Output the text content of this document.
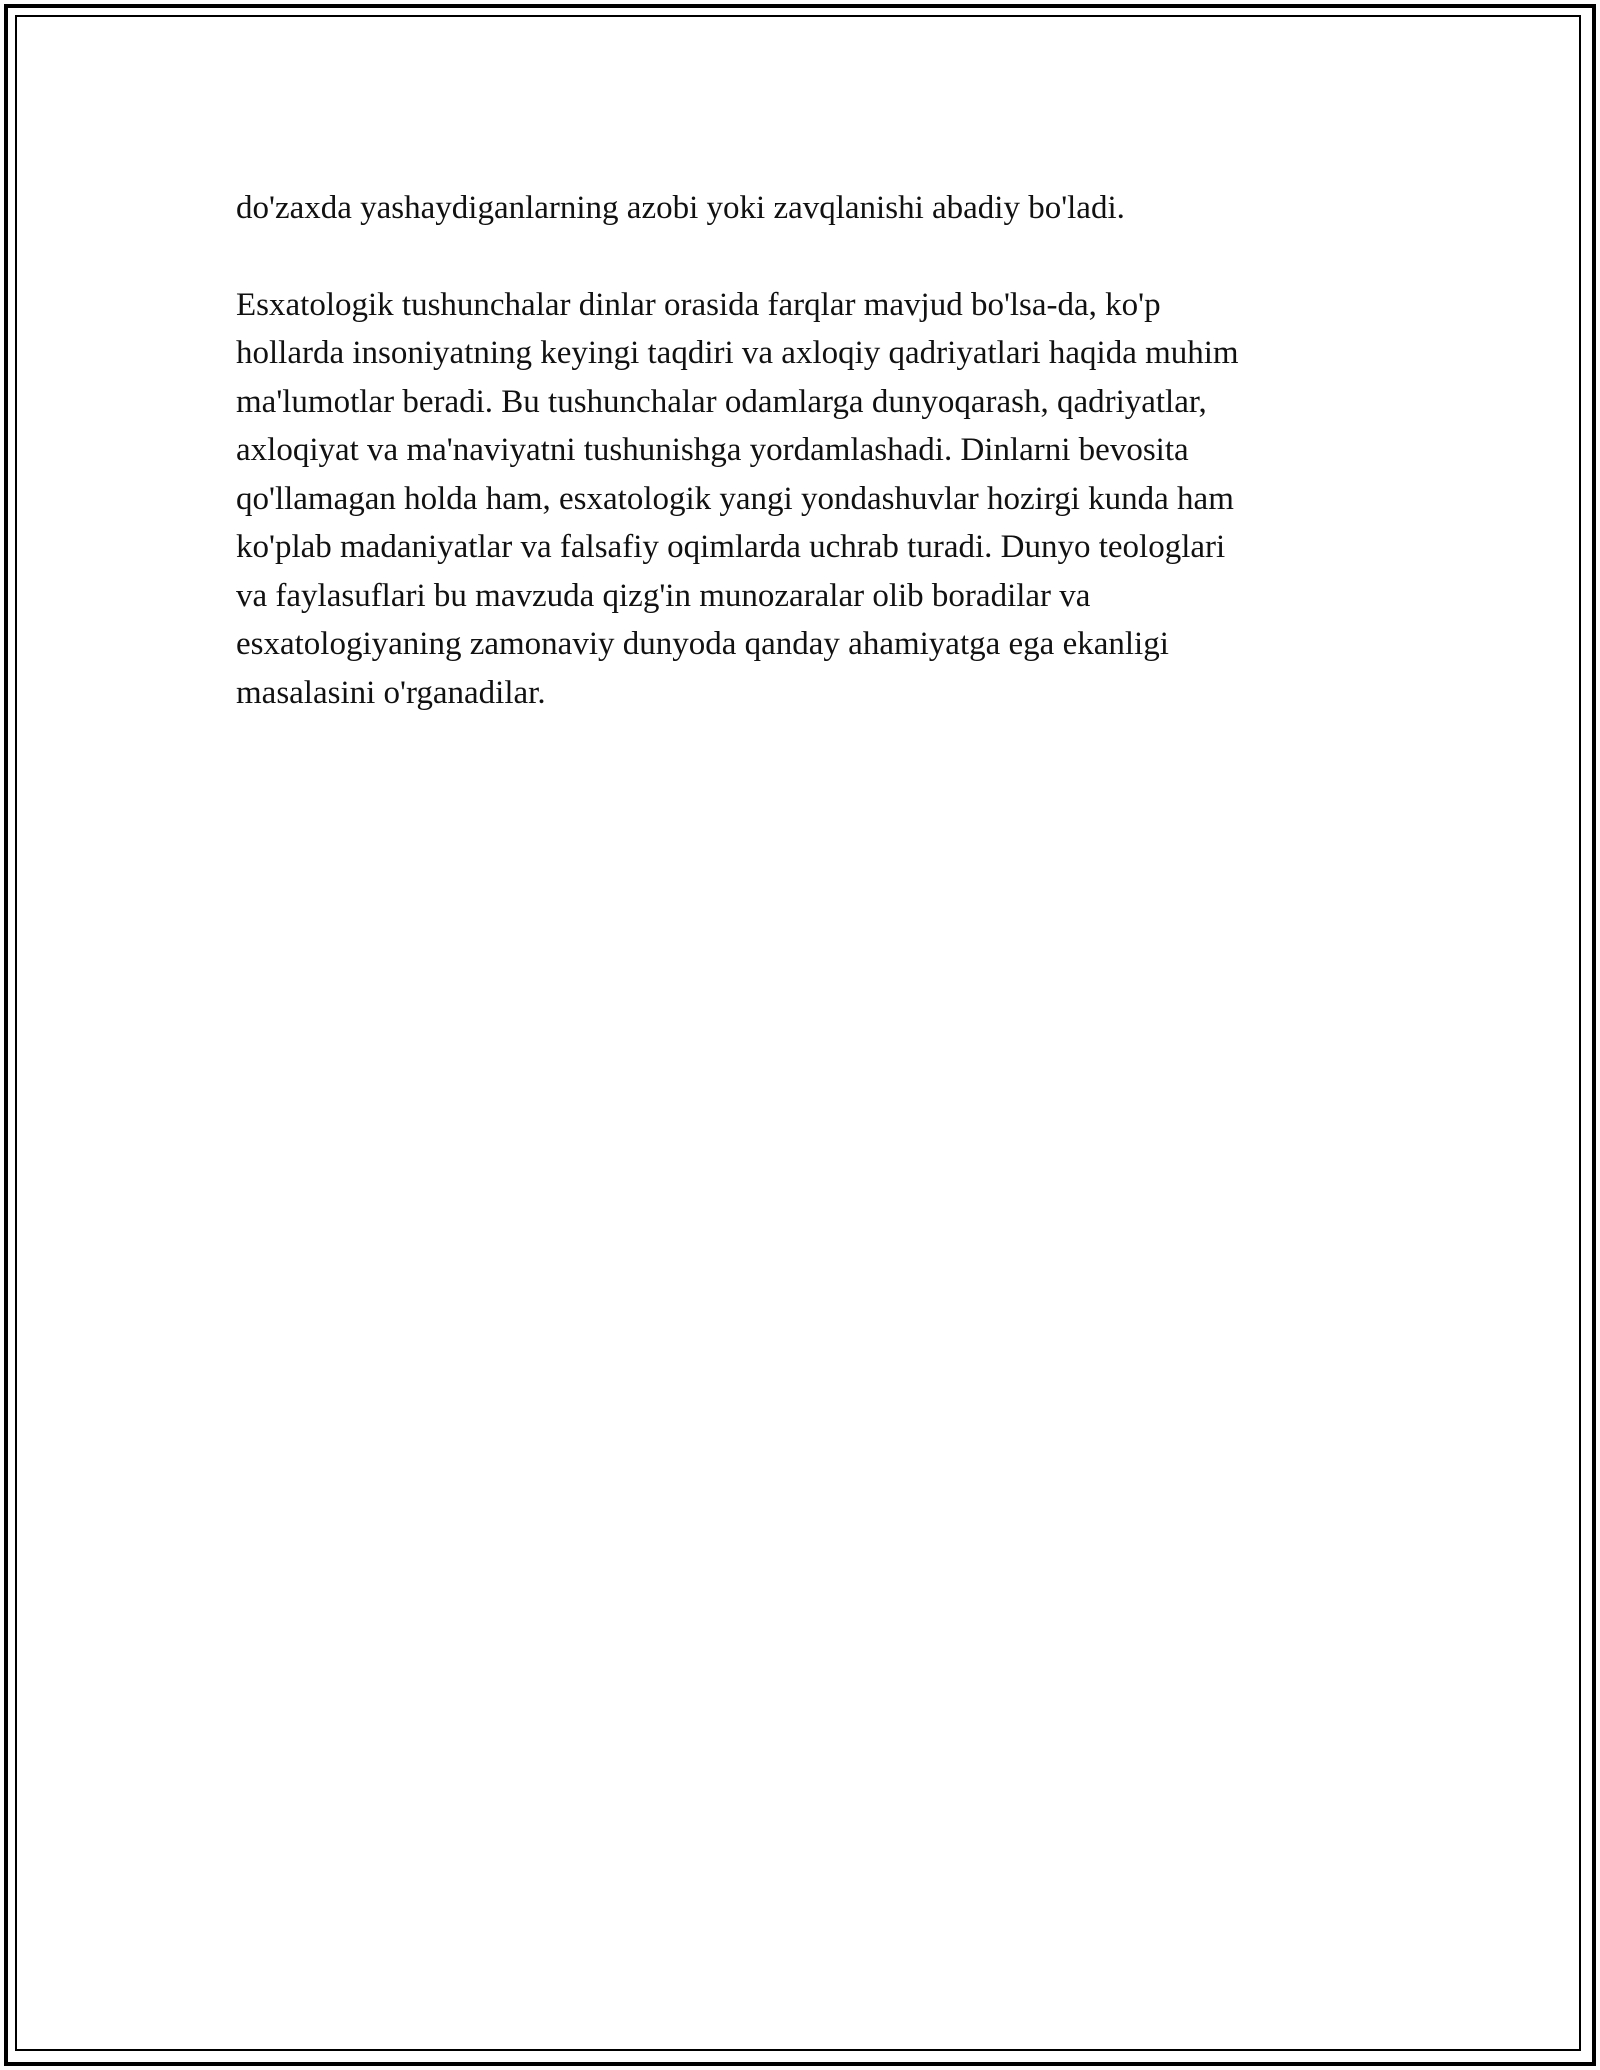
do'zaxda yashaydiganlarning azobi yoki zavqlanishi abadiy bo'ladi.

Esxatologik tushunchalar dinlar orasida farqlar mavjud bo'lsa-da, ko'p
hollarda insoniyatning keyingi taqdiri va axloqiy qadriyatlari haqida muhim
ma'lumotlar beradi. Bu tushunchalar odamlarga dunyoqarash, qadriyatlar,
axloqiyat va ma'naviyatni tushunishga yordamlashadi. Dinlarni bevosita
qo'llamagan holda ham, esxatologik yangi yondashuvlar hozirgi kunda ham
ko'plab madaniyatlar va falsafiy oqimlarda uchrab turadi. Dunyo teologlari
va faylasuflari bu mavzuda qizg'in munozaralar olib boradilar va
esxatologiyaning zamonaviy dunyoda qanday ahamiyatga ega ekanligi
masalasini o'rganadilar.
